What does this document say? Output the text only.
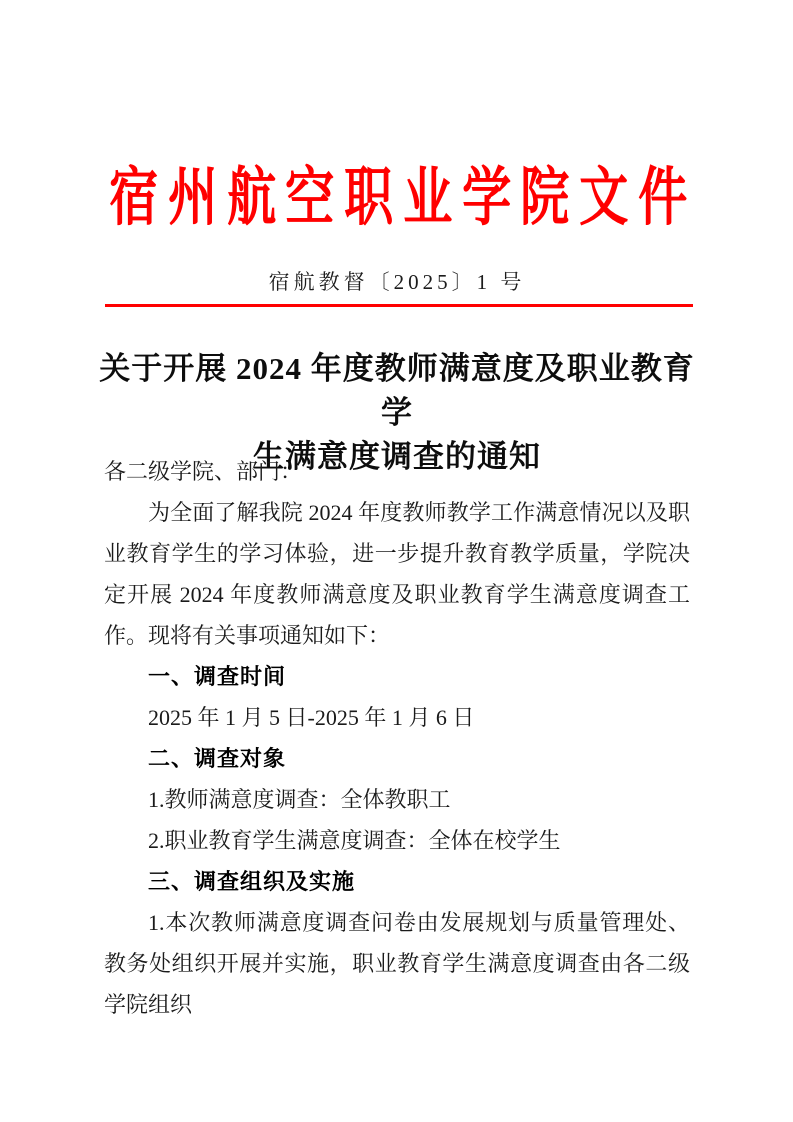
宿 州 航 空 职 业 学 院 文 件
宿航教督〔2025〕1 号
关于开展 2024 年度教师满意度及职业教育学
生满意度调查的通知
各二级学院、部门：
为全面了解我院 2024 年度教师教学工作满意情况以及职业教育学生的学习体验，进一步提升教育教学质量，学院决定开展 2024 年度教师满意度及职业教育学生满意度调查工作。现将有关事项通知如下：
一、调查时间
2025 年 1 月 5 日-2025 年 1 月 6 日
二、调查对象
1.教师满意度调查：全体教职工
2.职业教育学生满意度调查：全体在校学生
三、调查组织及实施
1.本次教师满意度调查问卷由发展规划与质量管理处、教务处组织开展并实施，职业教育学生满意度调查由各二级学院组织
